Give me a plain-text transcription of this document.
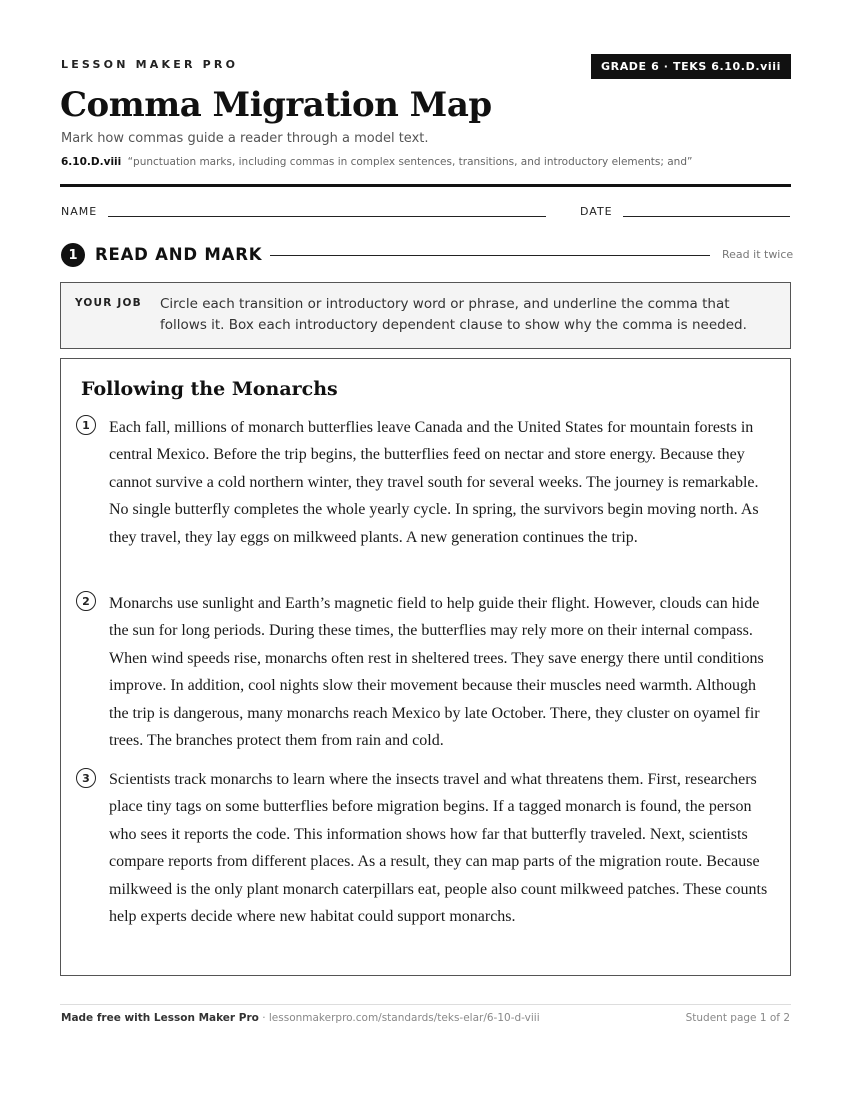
LESSON MAKER PRO	GRADE 6 · TEKS 6.10.D.viii
Comma Migration Map
Mark how commas guide a reader through a model text.
6.10.D.viii “punctuation marks, including commas in complex sentences, transitions, and introductory elements; and”
NAME	DATE
1	READ AND MARK	Read it twice
YOUR JOB Circle each transition or introductory word or phrase, and underline the comma that follows it. Box each introductory dependent clause to show why the comma is needed.
Following the Monarchs
1	Each fall, millions of monarch butterflies leave Canada and the United States for mountain forests in central Mexico. Before the trip begins, the butterflies feed on nectar and store energy. Because they cannot survive a cold northern winter, they travel south for several weeks. The journey is remarkable. No single butterfly completes the whole yearly cycle. In spring, the survivors begin moving north. As they travel, they lay eggs on milkweed plants. A new generation continues the trip.

2	Monarchs use sunlight and Earth’s magnetic field to help guide their flight. However, clouds can hide the sun for long periods. During these times, the butterflies may rely more on their internal compass. When wind speeds rise, monarchs often rest in sheltered trees. They save energy there until conditions improve. In addition, cool nights slow their movement because their muscles need warmth. Although the trip is dangerous, many monarchs reach Mexico by late October. There, they cluster on oyamel fir trees. The branches protect them from rain and cold.

3	Scientists track monarchs to learn where the insects travel and what threatens them. First, researchers place tiny tags on some butterflies before migration begins. If a tagged monarch is found, the person who sees it reports the code. This information shows how far that butterfly traveled. Next, scientists compare reports from different places. As a result, they can map parts of the migration route. Because milkweed is the only plant monarch caterpillars eat, people also count milkweed patches. These counts help experts decide where new habitat could support monarchs.

Made free with Lesson Maker Pro · lessonmakerpro.com/standards/teks-elar/6-10-d-viii	Student page 1 of 2
